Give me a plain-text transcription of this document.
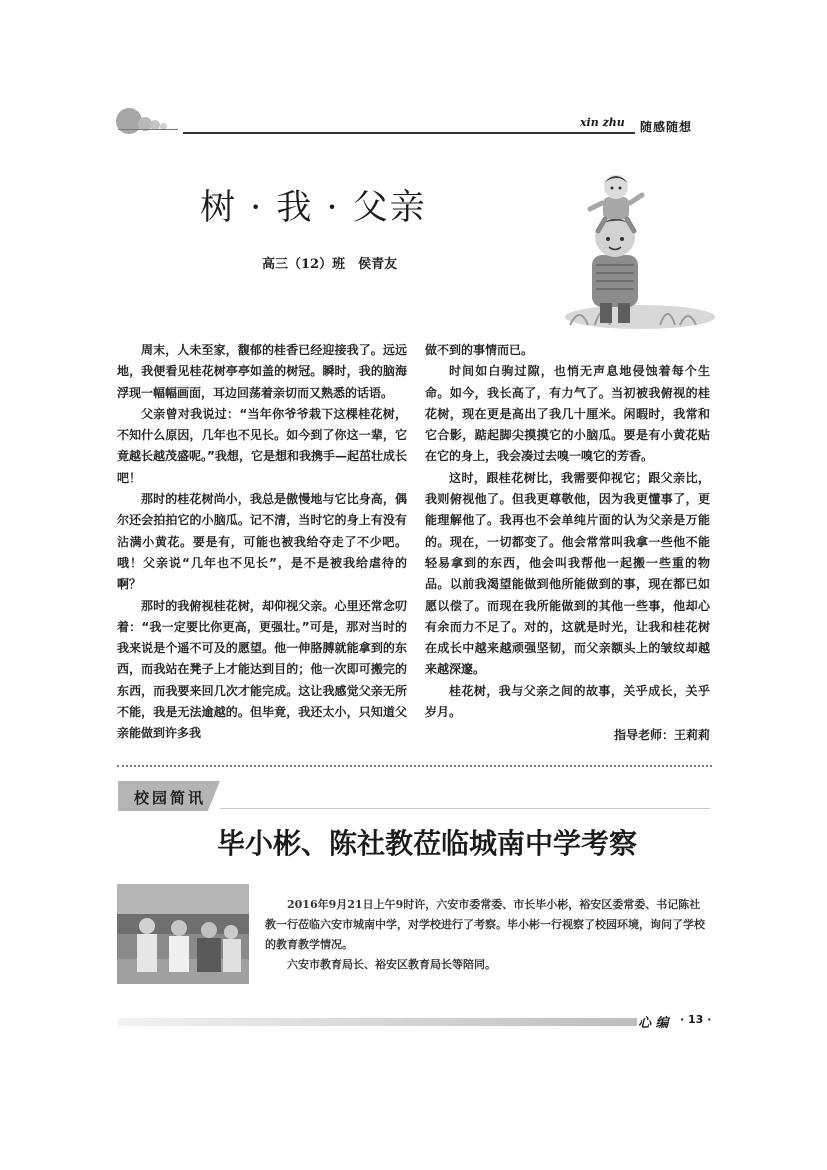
xin zhu 随感随想
树 · 我 · 父亲
高三（12）班　侯青友

周末，人未至家，馥郁的桂香已经迎接我了。远远地，我便看见桂花树亭亭如盖的树冠。瞬时，我的脑海浮现一幅幅画面，耳边回荡着亲切而又熟悉的话语。

父亲曾对我说过：“当年你爷爷栽下这棵桂花树，不知什么原因，几年也不见长。如今到了你这一辈，它竟越长越茂盛呢。”我想，它是想和我携手—起茁壮成长吧！

那时的桂花树尚小，我总是傲慢地与它比身高，偶尔还会拍拍它的小脑瓜。记不清，当时它的身上有没有沾满小黄花。要是有，可能也被我给夺走了不少吧。哦！父亲说“几年也不见长”，是不是被我给虐待的啊？

那时的我俯视桂花树，却仰视父亲。心里还常念叨着：“我一定要比你更高，更强壮。”可是，那对当时的我来说是个遥不可及的愿望。他一伸胳膊就能拿到的东西，而我站在凳子上才能达到目的；他一次即可搬完的东西，而我要来回几次才能完成。这让我感觉父亲无所不能，我是无法逾越的。但毕竟，我还太小，只知道父亲能做到许多我

做不到的事情而已。

时间如白驹过隙，也悄无声息地侵蚀着每个生命。如今，我长高了，有力气了。当初被我俯视的桂花树，现在更是高出了我几十厘米。闲暇时，我常和它合影，踮起脚尖摸摸它的小脑瓜。要是有小黄花贴在它的身上，我会凑过去嗅一嗅它的芳香。

这时，跟桂花树比，我需要仰视它；跟父亲比，我则俯视他了。但我更尊敬他，因为我更懂事了，更能理解他了。我再也不会单纯片面的认为父亲是万能的。现在，一切都变了。他会常常叫我拿一些他不能轻易拿到的东西，他会叫我帮他一起搬一些重的物品。以前我渴望能做到他所能做到的事，现在都已如愿以偿了。而现在我所能做到的其他一些事，他却心有余而力不足了。对的，这就是时光，让我和桂花树在成长中越来越顽强坚韧，而父亲额头上的皱纹却越来越深邃。

桂花树，我与父亲之间的故事，关乎成长，关乎岁月。

指导老师：王莉莉

校园简讯
毕小彬、陈社教莅临城南中学考察

2016年9月21日上午9时许，六安市委常委、市长毕小彬，裕安区委常委、书记陈社教一行莅临六安市城南中学，对学校进行了考察。毕小彬一行视察了校园环境，询问了学校的教育教学情况。

六安市教育局长、裕安区教育局长等陪同。

心 编 · 13 ·
